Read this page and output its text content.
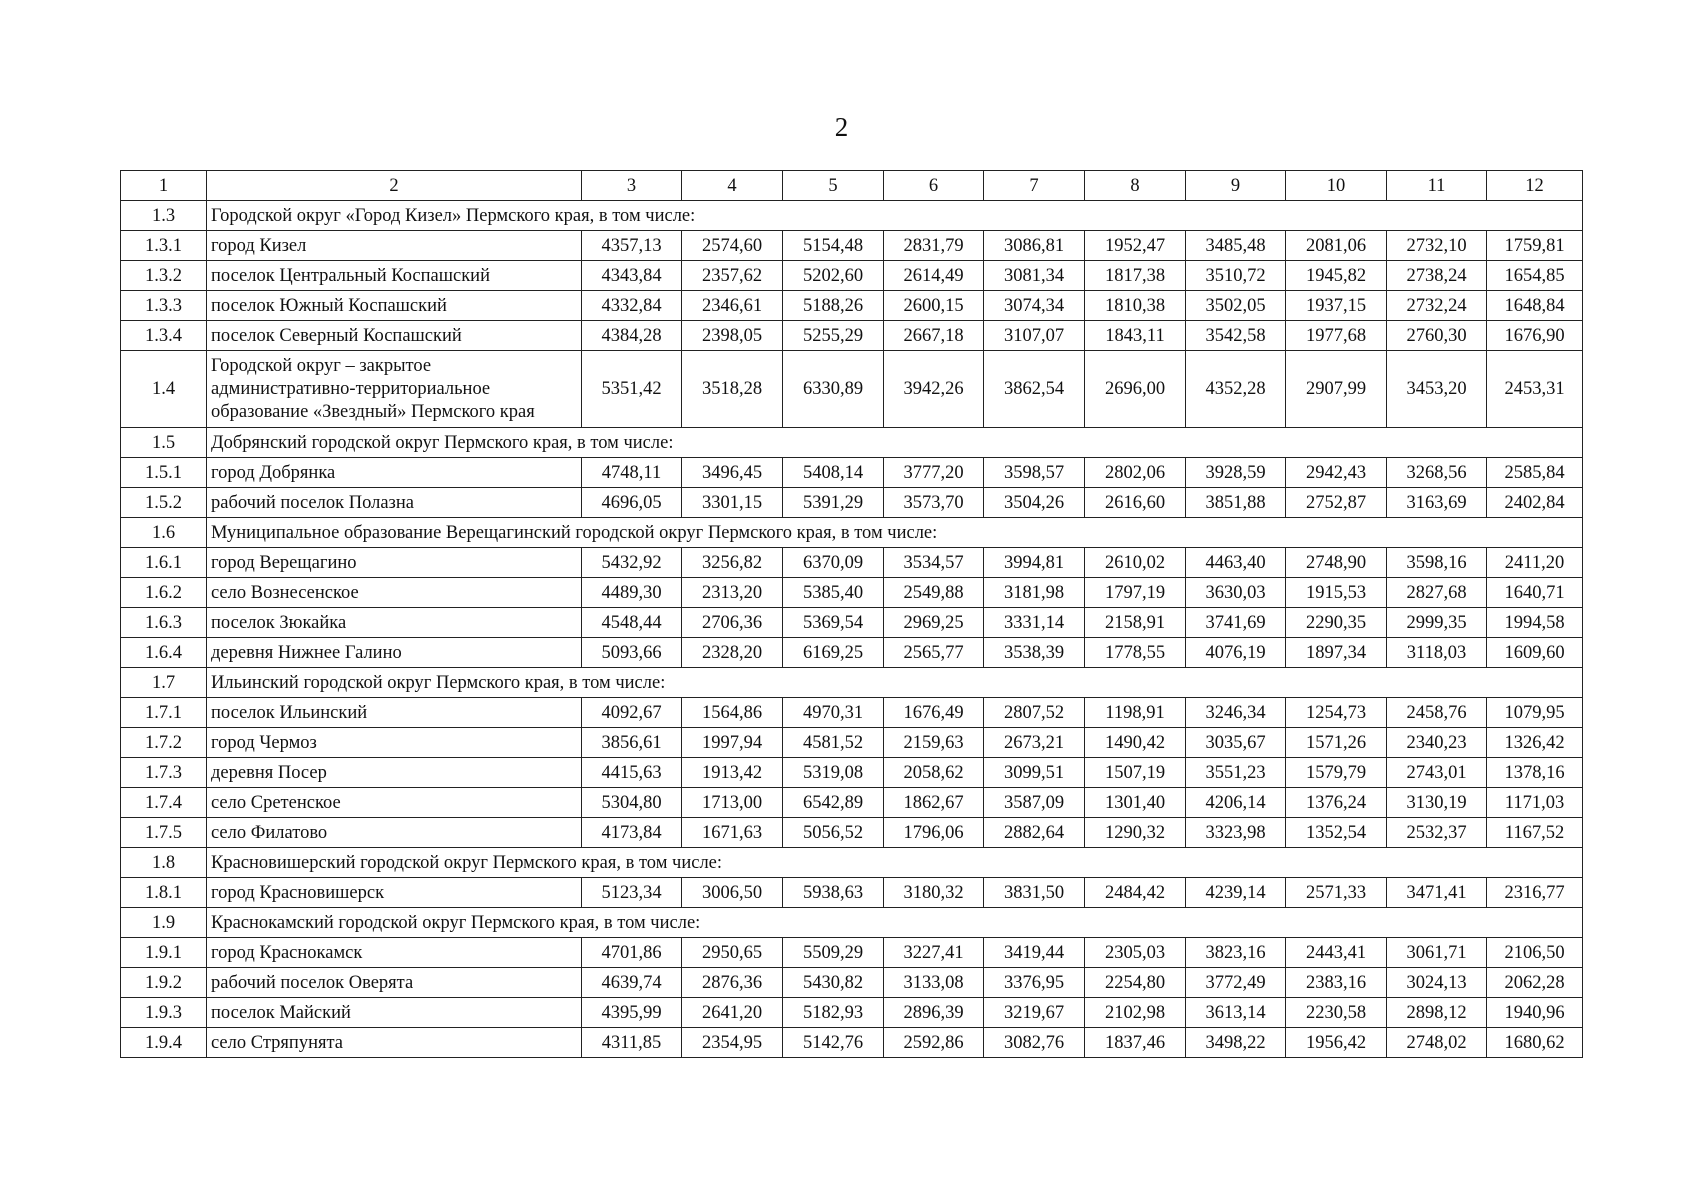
2
1	2	3	4	5	6	7	8	9	10	11	12
1.3	Городской округ «Город Кизел» Пермского края, в том числе:										
1.3.1	город Кизел	4357,13	2574,60	5154,48	2831,79	3086,81	1952,47	3485,48	2081,06	2732,10	1759,81
1.3.2	поселок Центральный Коспашский	4343,84	2357,62	5202,60	2614,49	3081,34	1817,38	3510,72	1945,82	2738,24	1654,85
1.3.3	поселок Южный Коспашский	4332,84	2346,61	5188,26	2600,15	3074,34	1810,38	3502,05	1937,15	2732,24	1648,84
1.3.4	поселок Северный Коспашский	4384,28	2398,05	5255,29	2667,18	3107,07	1843,11	3542,58	1977,68	2760,30	1676,90
1.4	Городской округ – закрытое административно-территориальное образование «Звездный» Пермского края	5351,42	3518,28	6330,89	3942,26	3862,54	2696,00	4352,28	2907,99	3453,20	2453,31
1.5	Добрянский городской округ Пермского края, в том числе:										
1.5.1	город Добрянка	4748,11	3496,45	5408,14	3777,20	3598,57	2802,06	3928,59	2942,43	3268,56	2585,84
1.5.2	рабочий поселок Полазна	4696,05	3301,15	5391,29	3573,70	3504,26	2616,60	3851,88	2752,87	3163,69	2402,84
1.6	Муниципальное образование Верещагинский городской округ Пермского края, в том числе:										
1.6.1	город Верещагино	5432,92	3256,82	6370,09	3534,57	3994,81	2610,02	4463,40	2748,90	3598,16	2411,20
1.6.2	село Вознесенское	4489,30	2313,20	5385,40	2549,88	3181,98	1797,19	3630,03	1915,53	2827,68	1640,71
1.6.3	поселок Зюкайка	4548,44	2706,36	5369,54	2969,25	3331,14	2158,91	3741,69	2290,35	2999,35	1994,58
1.6.4	деревня Нижнее Галино	5093,66	2328,20	6169,25	2565,77	3538,39	1778,55	4076,19	1897,34	3118,03	1609,60
1.7	Ильинский городской округ Пермского края, в том числе:										
1.7.1	поселок Ильинский	4092,67	1564,86	4970,31	1676,49	2807,52	1198,91	3246,34	1254,73	2458,76	1079,95
1.7.2	город Чермоз	3856,61	1997,94	4581,52	2159,63	2673,21	1490,42	3035,67	1571,26	2340,23	1326,42
1.7.3	деревня Посер	4415,63	1913,42	5319,08	2058,62	3099,51	1507,19	3551,23	1579,79	2743,01	1378,16
1.7.4	село Сретенское	5304,80	1713,00	6542,89	1862,67	3587,09	1301,40	4206,14	1376,24	3130,19	1171,03
1.7.5	село Филатово	4173,84	1671,63	5056,52	1796,06	2882,64	1290,32	3323,98	1352,54	2532,37	1167,52
1.8	Красновишерский городской округ Пермского края, в том числе:										
1.8.1	город Красновишерск	5123,34	3006,50	5938,63	3180,32	3831,50	2484,42	4239,14	2571,33	3471,41	2316,77
1.9	Краснокамский городской округ Пермского края, в том числе:										
1.9.1	город Краснокамск	4701,86	2950,65	5509,29	3227,41	3419,44	2305,03	3823,16	2443,41	3061,71	2106,50
1.9.2	рабочий поселок Оверята	4639,74	2876,36	5430,82	3133,08	3376,95	2254,80	3772,49	2383,16	3024,13	2062,28
1.9.3	поселок Майский	4395,99	2641,20	5182,93	2896,39	3219,67	2102,98	3613,14	2230,58	2898,12	1940,96
1.9.4	село Стряпунята	4311,85	2354,95	5142,76	2592,86	3082,76	1837,46	3498,22	1956,42	2748,02	1680,62
